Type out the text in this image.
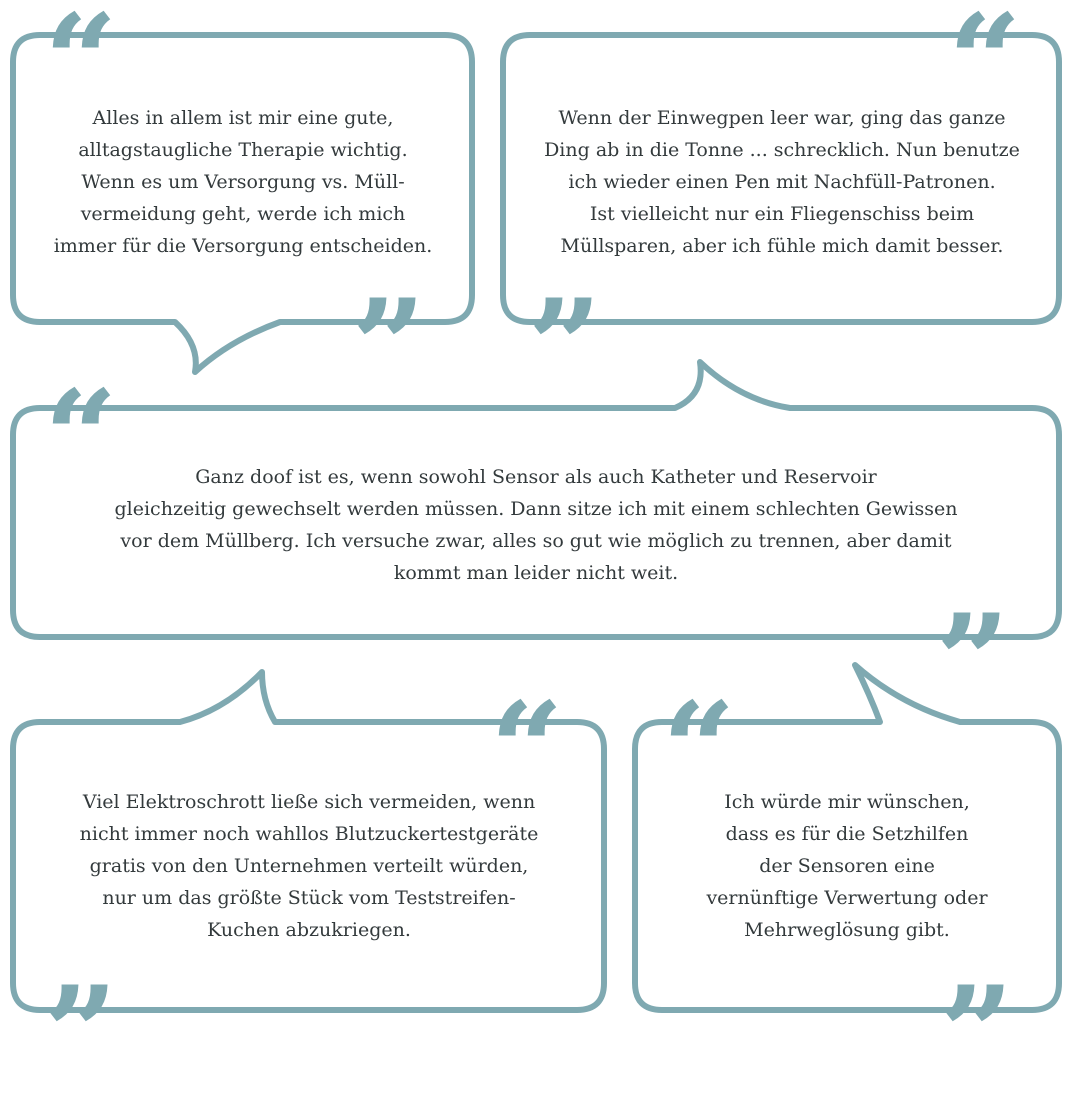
Alles in allem ist mir eine gute,
alltagstaugliche Therapie wichtig.
Wenn es um Versorgung vs. Müll-
vermeidung geht, werde ich mich
immer für die Versorgung entscheiden.
”
Wenn der Einwegpen leer war, ging das ganze
Ding ab in die Tonne ... schrecklich. Nun benutze
ich wieder einen Pen mit Nachfüll-Patronen.
Ist vielleicht nur ein Fliegenschiss beim
Müllsparen, aber ich fühle mich damit besser.
”
“	Ganz doof ist es, wenn sowohl Sensor als auch Katheter und Reservoir
gleichzeitig gewechselt werden müssen. Dann sitze ich mit einem schlechten Gewissen
vor dem Müllberg. Ich versuche zwar, alles so gut wie möglich zu trennen, aber damit
kommt man leider nicht weit.
”
“
Viel Elektroschrott ließe sich vermeiden, wenn
nicht immer noch wahllos Blutzuckertestgeräte
gratis von den Unternehmen verteilt würden,
nur um das größte Stück vom Teststreifen-
Kuchen abzukriegen.
”
“
Ich würde mir wünschen,
dass es für die Setzhilfen
der Sensoren eine
vernünftige Verwertung oder
Mehrweglösung gibt.
”
